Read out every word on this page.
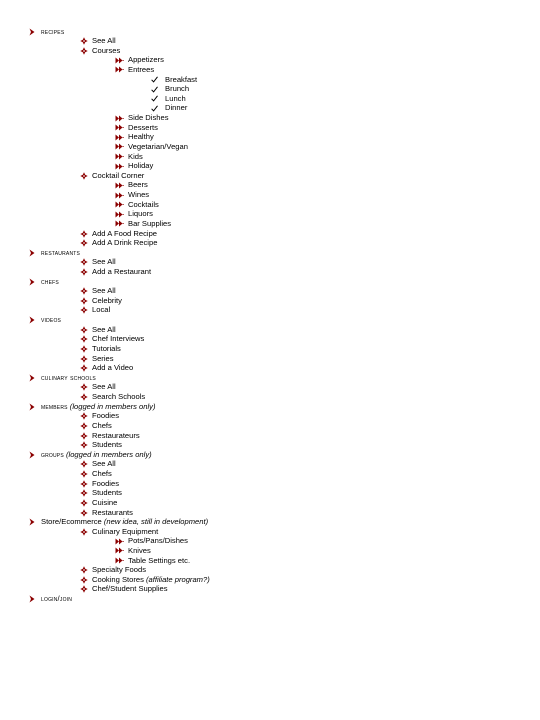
recipes
See All
Courses
Appetizers
Entrees
Breakfast
Brunch
Lunch
Dinner
Side Dishes
Desserts
Healthy
Vegetarian/Vegan
Kids
Holiday
Cocktail Corner
Beers
Wines
Cocktails
Liquors
Bar Supplies
Add A Food Recipe
Add A Drink Recipe
restaurants
See All
Add a Restaurant
chefs
See All
Celebrity
Local
videos
See All
Chef Interviews
Tutorials
Series
Add a Video
culinary schools
See All
Search Schools
members (logged in members only)
Foodies
Chefs
Restaurateurs
Students
groups (logged in members only)
See All
Chefs
Foodies
Students
Cuisine
Restaurants
Store/Ecommerce (new idea, still in development)
Culinary Equipment
Pots/Pans/Dishes
Knives
Table Settings etc.
Specialty Foods
Cooking Stores (affiliate program?)
Chef/Student Supplies
login/join
